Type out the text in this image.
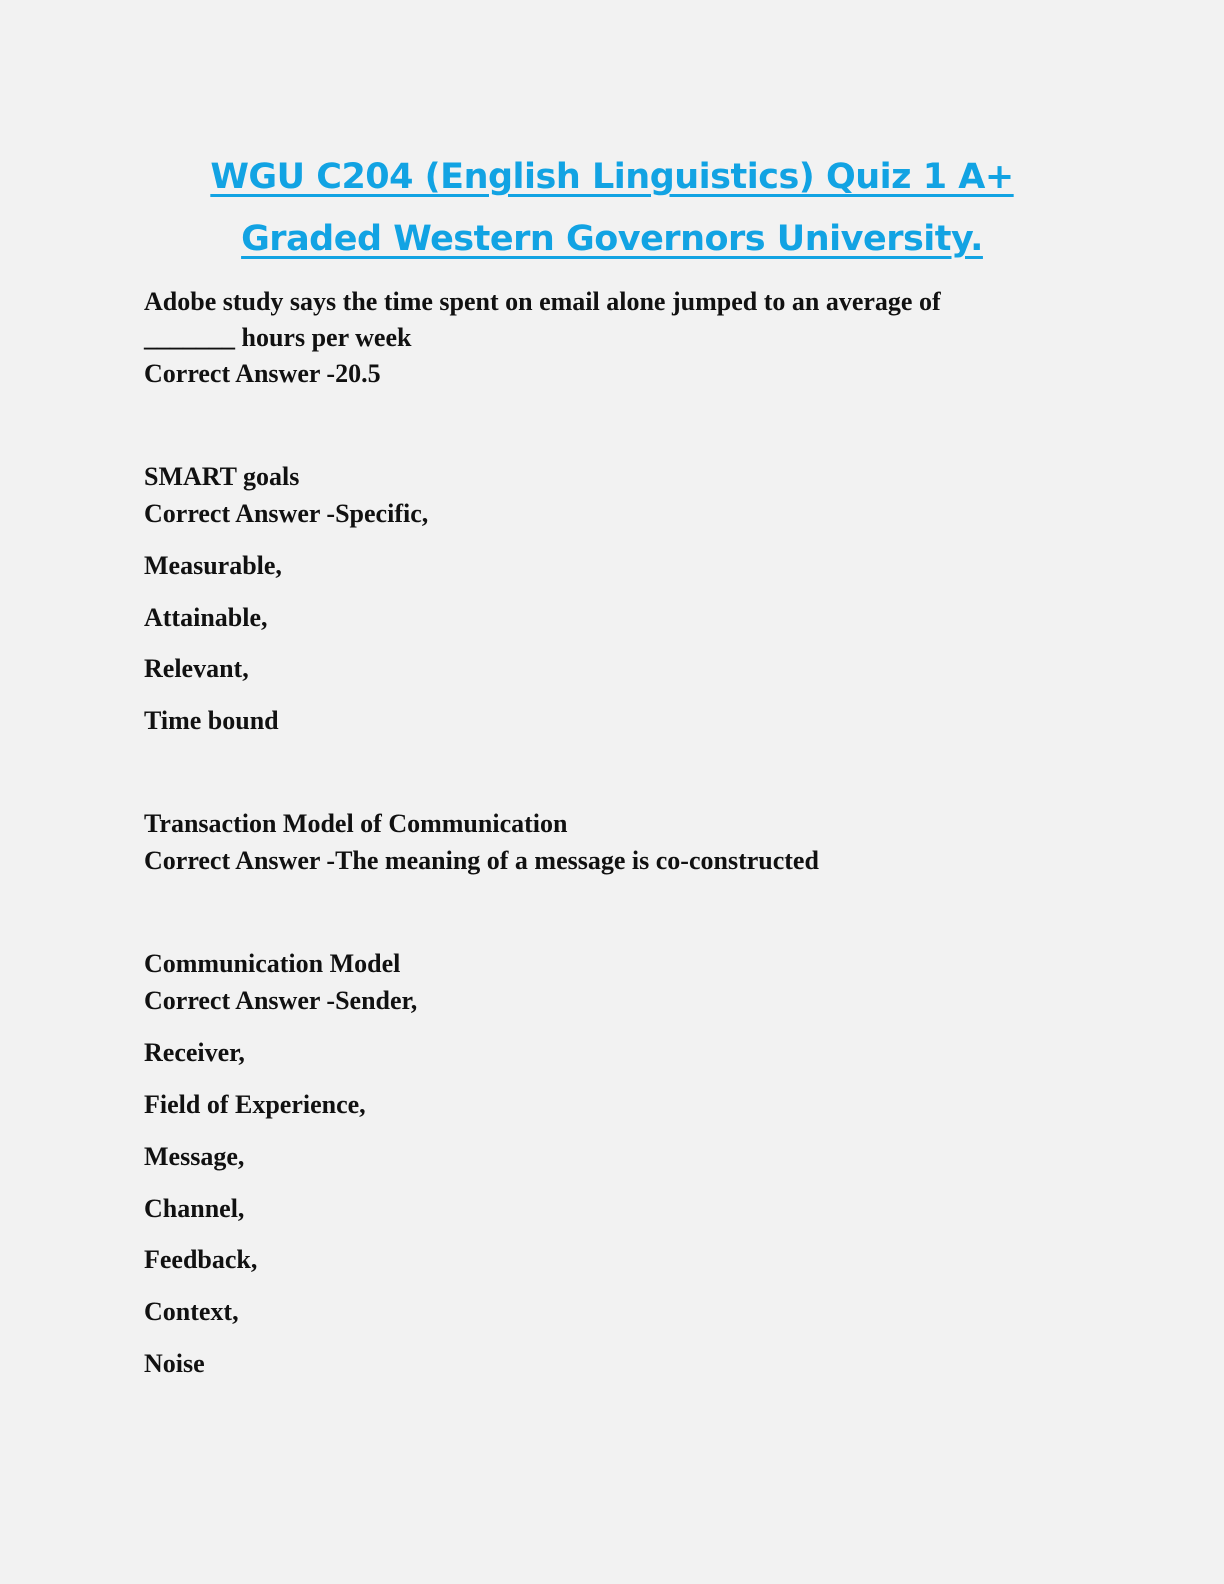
WGU C204 (English Linguistics) Quiz 1 A+
Graded Western Governors University.
Adobe study says the time spent on email alone jumped to an average of
_______ hours per week
Correct Answer -20.5
SMART goals
Correct Answer -Specific,
Measurable,
Attainable,
Relevant,
Time bound
Transaction Model of Communication
Correct Answer -The meaning of a message is co-constructed
Communication Model
Correct Answer -Sender,
Receiver,
Field of Experience,
Message,
Channel,
Feedback,
Context,
Noise
